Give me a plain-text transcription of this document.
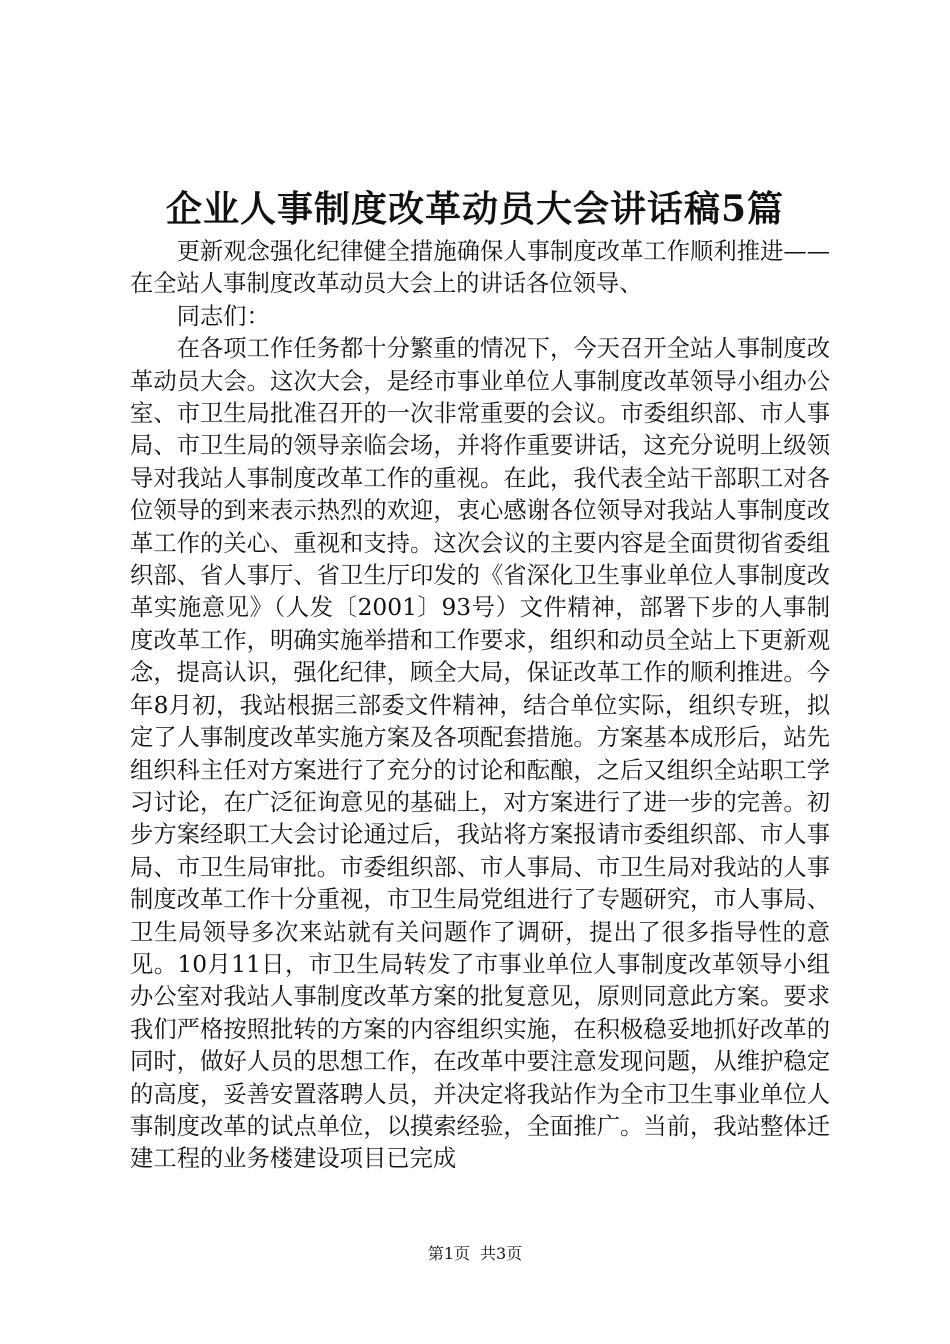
企业人事制度改革动员大会讲话稿5篇

更新观念强化纪律健全措施确保人事制度改革工作顺利推进——在全站人事制度改革动员大会上的讲话各位领导、

同志们：

在各项工作任务都十分繁重的情况下，今天召开全站人事制度改革动员大会。这次大会，是经市事业单位人事制度改革领导小组办公室、市卫生局批准召开的一次非常重要的会议。市委组织部、市人事局、市卫生局的领导亲临会场，并将作重要讲话，这充分说明上级领导对我站人事制度改革工作的重视。在此，我代表全站干部职工对各位领导的到来表示热烈的欢迎，衷心感谢各位领导对我站人事制度改革工作的关心、重视和支持。这次会议的主要内容是全面贯彻省委组织部、省人事厅、省卫生厅印发的《省深化卫生事业单位人事制度改革实施意见》（人发〔2001〕93号）文件精神，部署下步的人事制度改革工作，明确实施举措和工作要求，组织和动员全站上下更新观念，提高认识，强化纪律，顾全大局，保证改革工作的顺利推进。今年8月初，我站根据三部委文件精神，结合单位实际，组织专班，拟定了人事制度改革实施方案及各项配套措施。方案基本成形后，站先组织科主任对方案进行了充分的讨论和酝酿，之后又组织全站职工学习讨论，在广泛征询意见的基础上，对方案进行了进一步的完善。初步方案经职工大会讨论通过后，我站将方案报请市委组织部、市人事局、市卫生局审批。市委组织部、市人事局、市卫生局对我站的人事制度改革工作十分重视，市卫生局党组进行了专题研究，市人事局、卫生局领导多次来站就有关问题作了调研，提出了很多指导性的意见。10月11日，市卫生局转发了市事业单位人事制度改革领导小组办公室对我站人事制度改革方案的批复意见，原则同意此方案。要求我们严格按照批转的方案的内容组织实施，在积极稳妥地抓好改革的同时，做好人员的思想工作，在改革中要注意发现问题，从维护稳定的高度，妥善安置落聘人员，并决定将我站作为全市卫生事业单位人事制度改革的试点单位，以摸索经验，全面推广。当前，我站整体迁建工程的业务楼建设项目已完成

第1页 共3页
